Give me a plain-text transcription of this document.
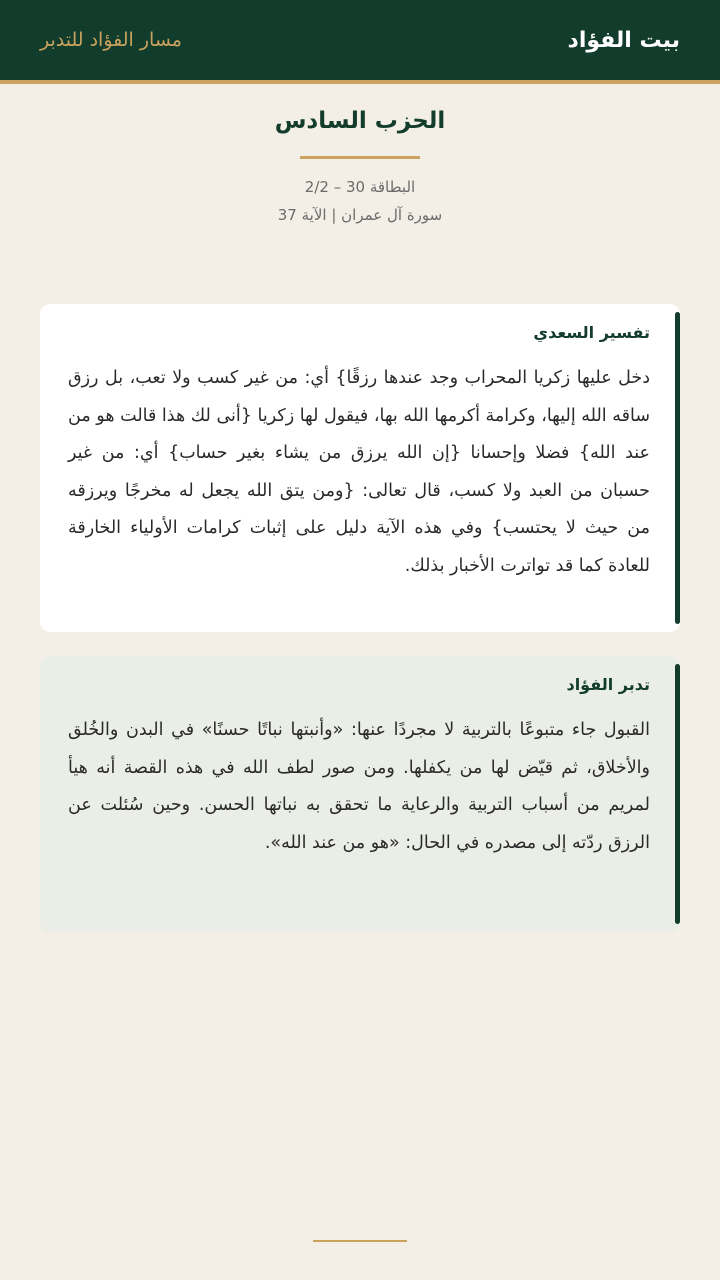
بيت الفؤاد
مسار الفؤاد للتدبر
الحزب السادس
البطاقة 30 – 2/2
سورة آل عمران | الآية 37
تفسير السعدي

دخل عليها زكريا المحراب وجد عندها رزقًا} أي: من غير كسب ولا تعب، بل رزق ساقه الله إليها، وكرامة أكرمها الله بها، فيقول لها زكريا {أنى لك هذا قالت هو من عند الله} فضلا وإحسانا {إن الله يرزق من يشاء بغير حساب} أي: من غير حسبان من العبد ولا كسب، قال تعالى: {ومن يتق الله يجعل له مخرجًا ويرزقه من حيث لا يحتسب} وفي هذه الآية دليل على إثبات كرامات الأولياء الخارقة للعادة كما قد تواترت الأخبار بذلك.

تدبر الفؤاد

القبول جاء متبوعًا بالتربية لا مجردًا عنها: «وأنبتها نباتًا حسنًا» في البدن والخُلق والأخلاق، ثم قيّض لها من يكفلها. ومن صور لطف الله في هذه القصة أنه هيأ لمريم من أسباب التربية والرعاية ما تحقق به نباتها الحسن. وحين سُئلت عن الرزق ردّته إلى مصدره في الحال: «هو من عند الله».
